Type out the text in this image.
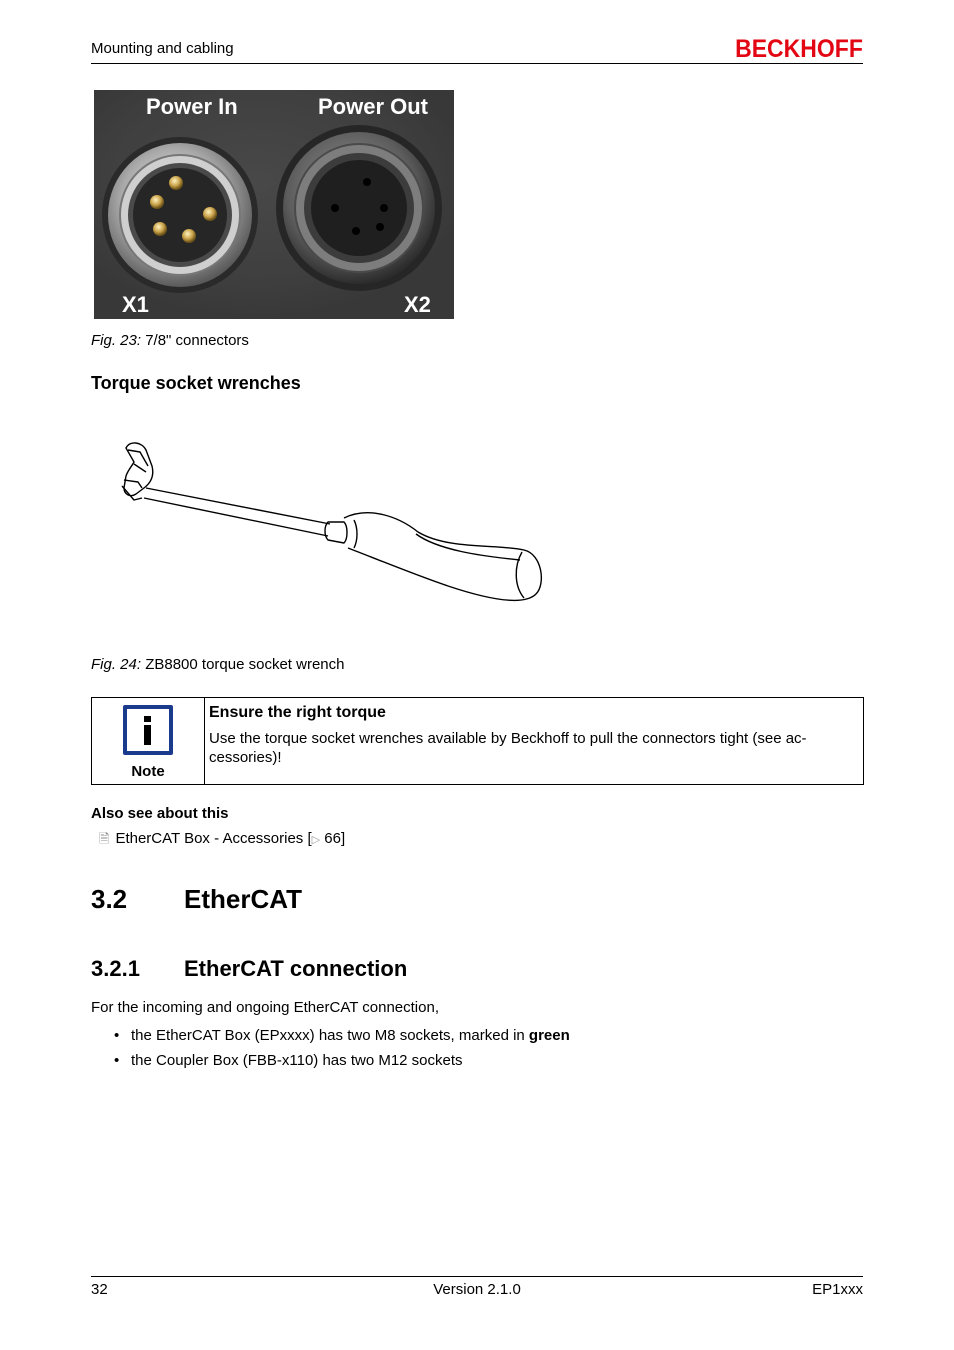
Mounting and cabling	BECKHOFF
Power In	Power Out
X1	X2
Fig. 23: 7/8" connectors
Torque socket wrenches
Fig. 24: ZB8800 torque socket wrench
Note
Ensure the right torque
Use the torque socket wrenches available by Beckhoff to pull the connectors tight (see ac-cessories)!
Also see about this
🗎 EtherCAT Box - Accessories [▷ 66]
3.2 EtherCAT
3.2.1 EtherCAT connection
For the incoming and ongoing EtherCAT connection,
• the EtherCAT Box (EPxxxx) has two M8 sockets, marked in green
• the Coupler Box (FBB-x110) has two M12 sockets
32	Version 2.1.0	EP1xxx
